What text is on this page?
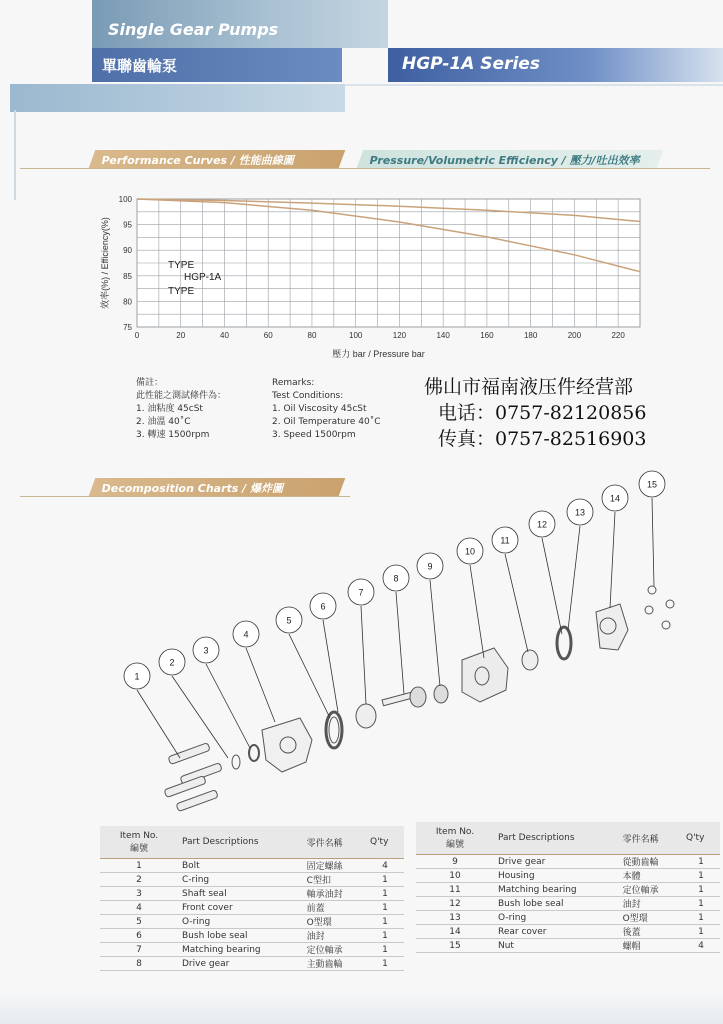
Single Gear Pumps
單聯齒輪泵	HGP-1A Series
Performance Curves / 性能曲線圖	Pressure/Volumetric Efficiency / 壓力/吐出效率
0	20	40	60	80	100	120	140	160	180	200	220
75
80
85
90
95
100
壓力 bar / Pressure bar
效率(%) / Efficiency(%)	TYPE
HGP-1A
TYPE
備註：
此性能之測試條件為：
1. 油粘度 45cSt
2. 油溫 40˚C
3. 轉速 1500rpm
Remarks:
Test Conditions:
1. Oil Viscosity 45cSt
2. Oil Temperature 40˚C
3. Speed 1500rpm
佛山市福南液压件经营部
电话：0757-82120856
传真：0757-82516903
Decomposition Charts / 爆炸圖
1
2
3
4
5
6
7
8
9
10
11
12
13
14
15
Item No.
編號	Part Descriptions	零件名稱	Q'ty
1	Bolt	固定螺絲	4
2	C-ring	C型扣	1
3	Shaft seal	軸承油封	1
4	Front cover	前蓋	1
5	O-ring	O型環	1
6	Bush lobe seal	油封	1
7	Matching bearing	定位軸承	1
8	Drive gear	主動齒輪	1
Item No.
編號	Part Descriptions	零件名稱	Q'ty
9	Drive gear	從動齒輪	1
10	Housing	本體	1
11	Matching bearing	定位軸承	1
12	Bush lobe seal	油封	1
13	O-ring	O型環	1
14	Rear cover	後蓋	1
15	Nut	螺帽	4
